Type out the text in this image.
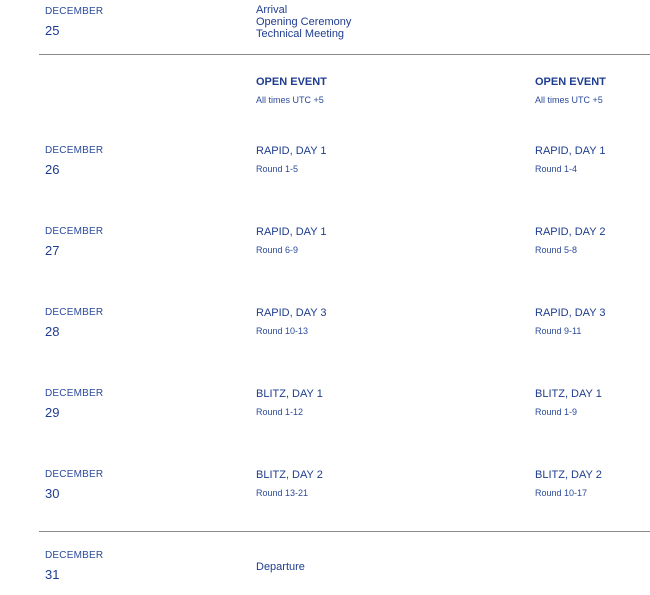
DECEMBER
25
Arrival
Opening Ceremony
Technical Meeting
OPEN EVENT
All times UTC +5
OPEN EVENT
All times UTC +5
DECEMBER
26
RAPID, DAY 1
Round 1-5
RAPID, DAY 1
Round 1-4
DECEMBER
27
RAPID, DAY 1
Round 6-9
RAPID, DAY 2
Round 5-8
DECEMBER
28
RAPID, DAY 3
Round 10-13
RAPID, DAY 3
Round 9-11
DECEMBER
29
BLITZ, DAY 1
Round 1-12
BLITZ, DAY 1
Round 1-9
DECEMBER
30
BLITZ, DAY 2
Round 13-21
BLITZ, DAY 2
Round 10-17
DECEMBER
31	Departure
